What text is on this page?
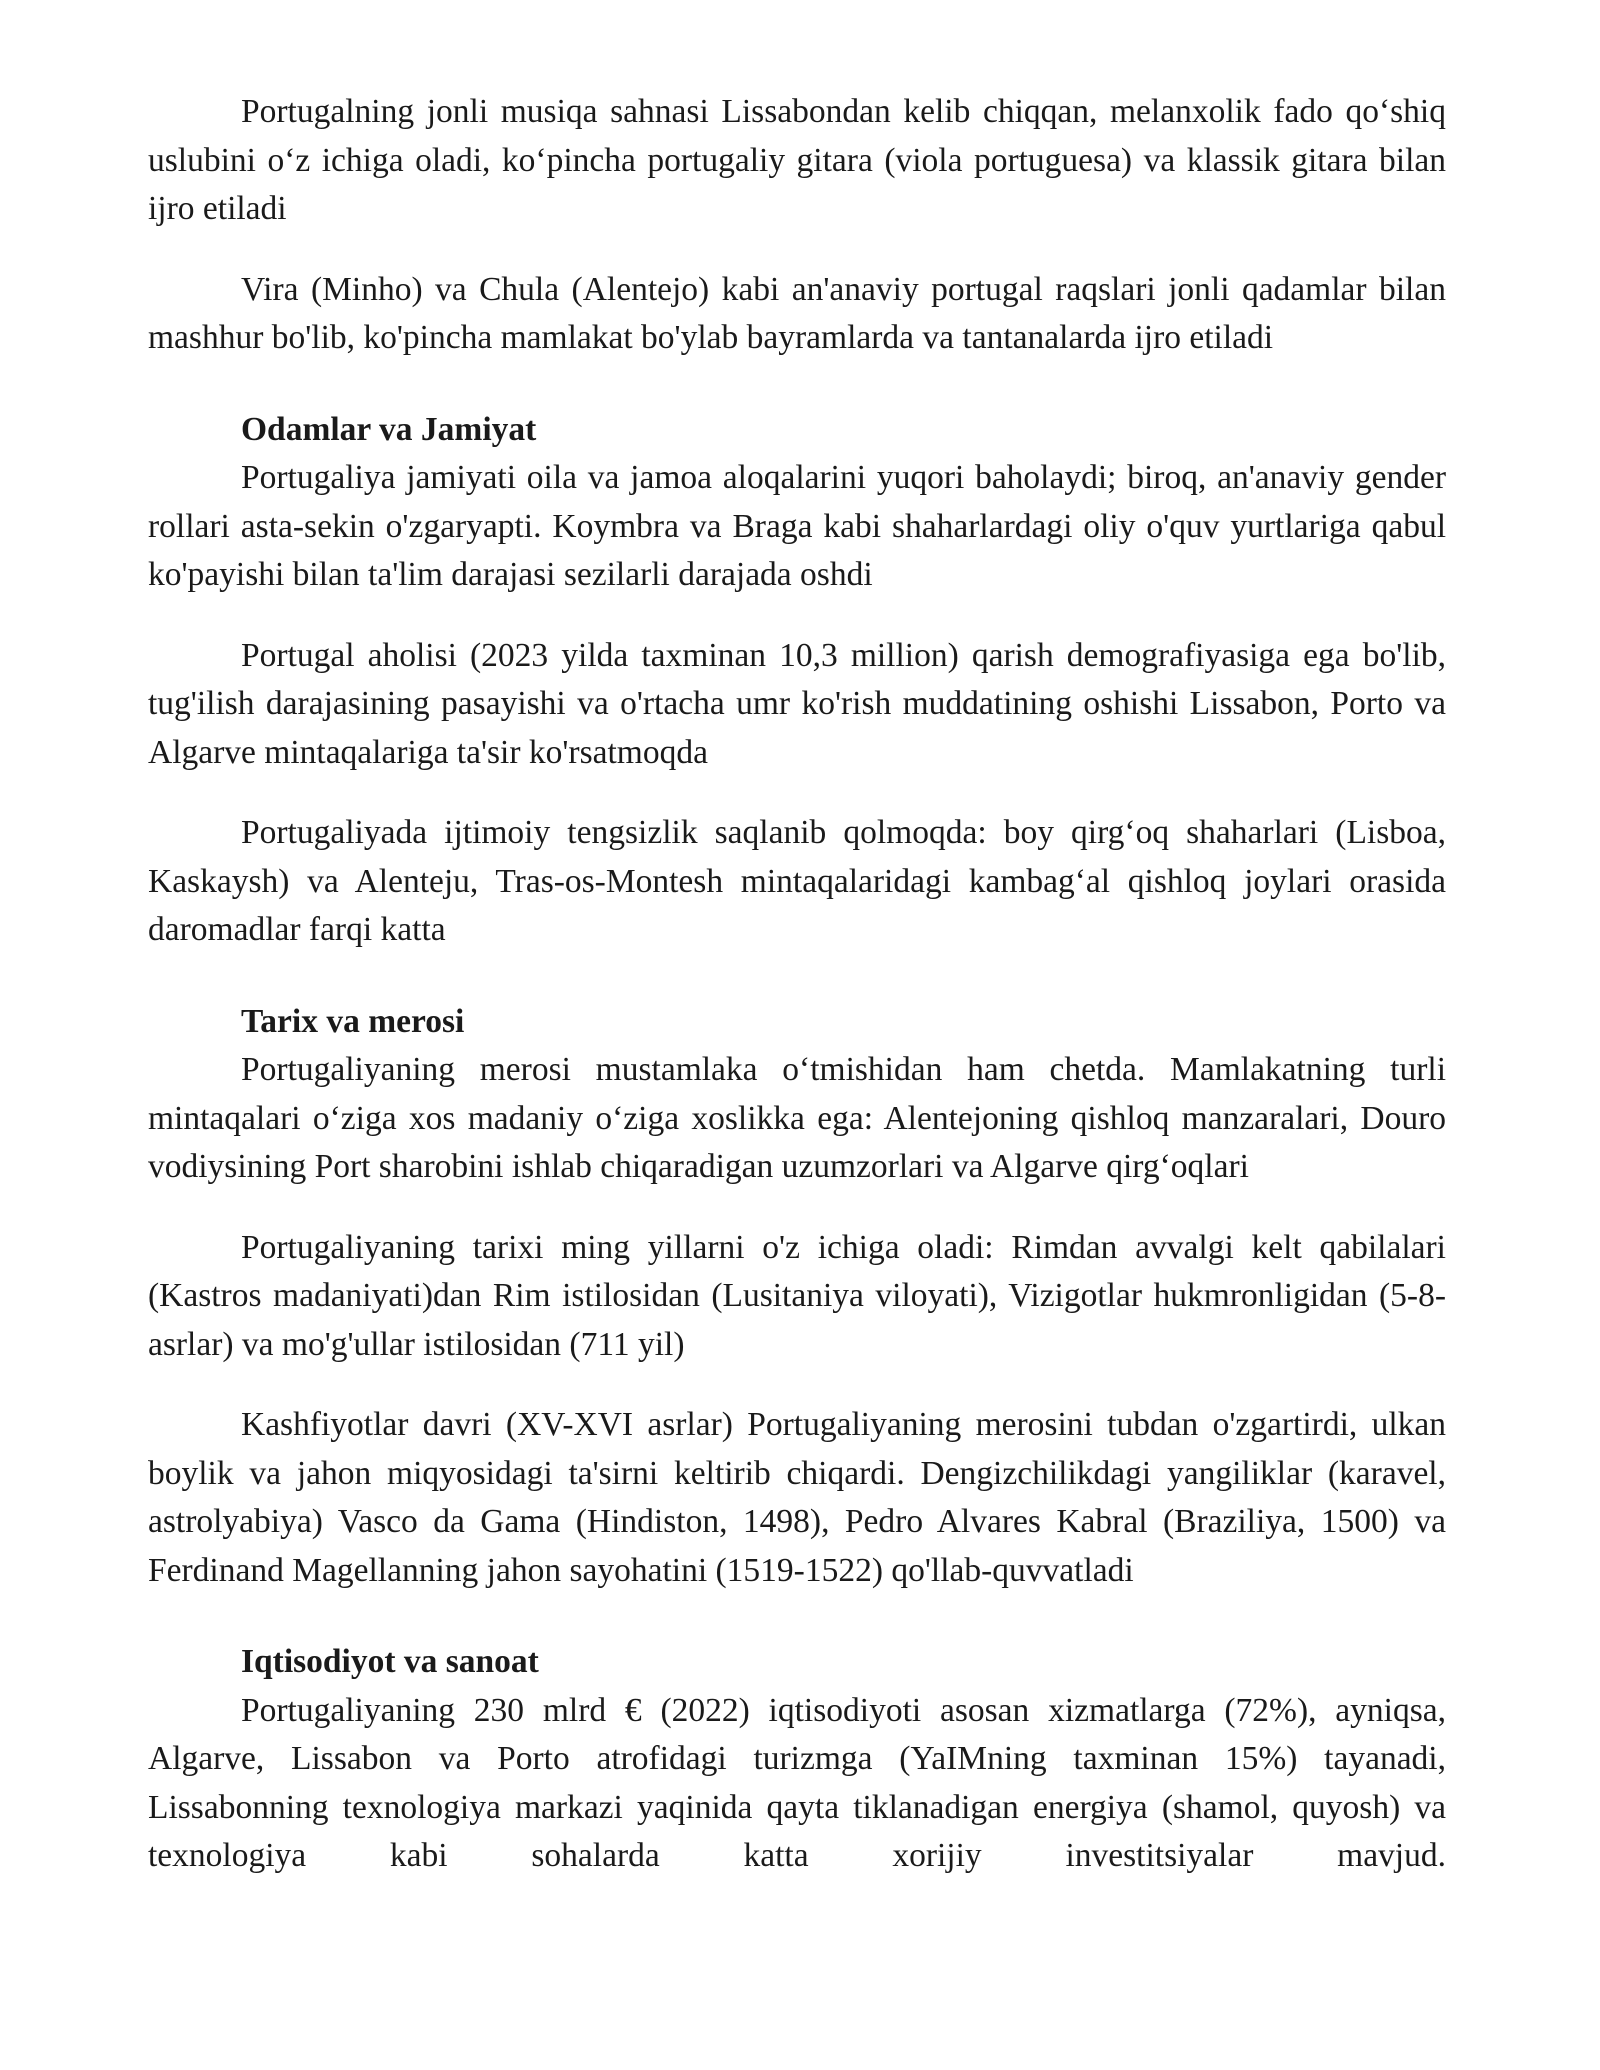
Portugalning jonli musiqa sahnasi Lissabondan kelib chiqqan, melanxolik fado qo‘shiq uslubini o‘z ichiga oladi, ko‘pincha portugaliy gitara (viola portuguesa) va klassik gitara bilan ijro etiladi

Vira (Minho) va Chula (Alentejo) kabi an'anaviy portugal raqslari jonli qadamlar bilan mashhur bo'lib, ko'pincha mamlakat bo'ylab bayramlarda va tantanalarda ijro etiladi

Odamlar va Jamiyat

Portugaliya jamiyati oila va jamoa aloqalarini yuqori baholaydi; biroq, an'anaviy gender rollari asta-sekin o'zgaryapti. Koymbra va Braga kabi shaharlardagi oliy o'quv yurtlariga qabul ko'payishi bilan ta'lim darajasi sezilarli darajada oshdi

Portugal aholisi (2023 yilda taxminan 10,3 million) qarish demografiyasiga ega bo'lib, tug'ilish darajasining pasayishi va o'rtacha umr ko'rish muddatining oshishi Lissabon, Porto va Algarve mintaqalariga ta'sir ko'rsatmoqda

Portugaliyada ijtimoiy tengsizlik saqlanib qolmoqda: boy qirg‘oq shaharlari (Lisboa, Kaskaysh) va Alenteju, Tras-os-Montesh mintaqalaridagi kambag‘al qishloq joylari orasida daromadlar farqi katta

Tarix va merosi

Portugaliyaning merosi mustamlaka o‘tmishidan ham chetda. Mamlakatning turli mintaqalari o‘ziga xos madaniy o‘ziga xoslikka ega: Alentejoning qishloq manzaralari, Douro vodiysining Port sharobini ishlab chiqaradigan uzumzorlari va Algarve qirg‘oqlari

Portugaliyaning tarixi ming yillarni o'z ichiga oladi: Rimdan avvalgi kelt qabilalari (Kastros madaniyati)dan Rim istilosidan (Lusitaniya viloyati), Vizigotlar hukmronligidan (5-8-asrlar) va mo'g'ullar istilosidan (711 yil)

Kashfiyotlar davri (XV-XVI asrlar) Portugaliyaning merosini tubdan o'zgartirdi, ulkan boylik va jahon miqyosidagi ta'sirni keltirib chiqardi. Dengizchilikdagi yangiliklar (karavel, astrolyabiya) Vasco da Gama (Hindiston, 1498), Pedro Alvares Kabral (Braziliya, 1500) va Ferdinand Magellanning jahon sayohatini (1519-1522) qo'llab-quvvatladi

Iqtisodiyot va sanoat

Portugaliyaning 230 mlrd € (2022) iqtisodiyoti asosan xizmatlarga (72%), ayniqsa, Algarve, Lissabon va Porto atrofidagi turizmga (YaIMning taxminan 15%) tayanadi, Lissabonning texnologiya markazi yaqinida qayta tiklanadigan energiya (shamol, quyosh) va texnologiya kabi sohalarda katta xorijiy investitsiyalar mavjud.
